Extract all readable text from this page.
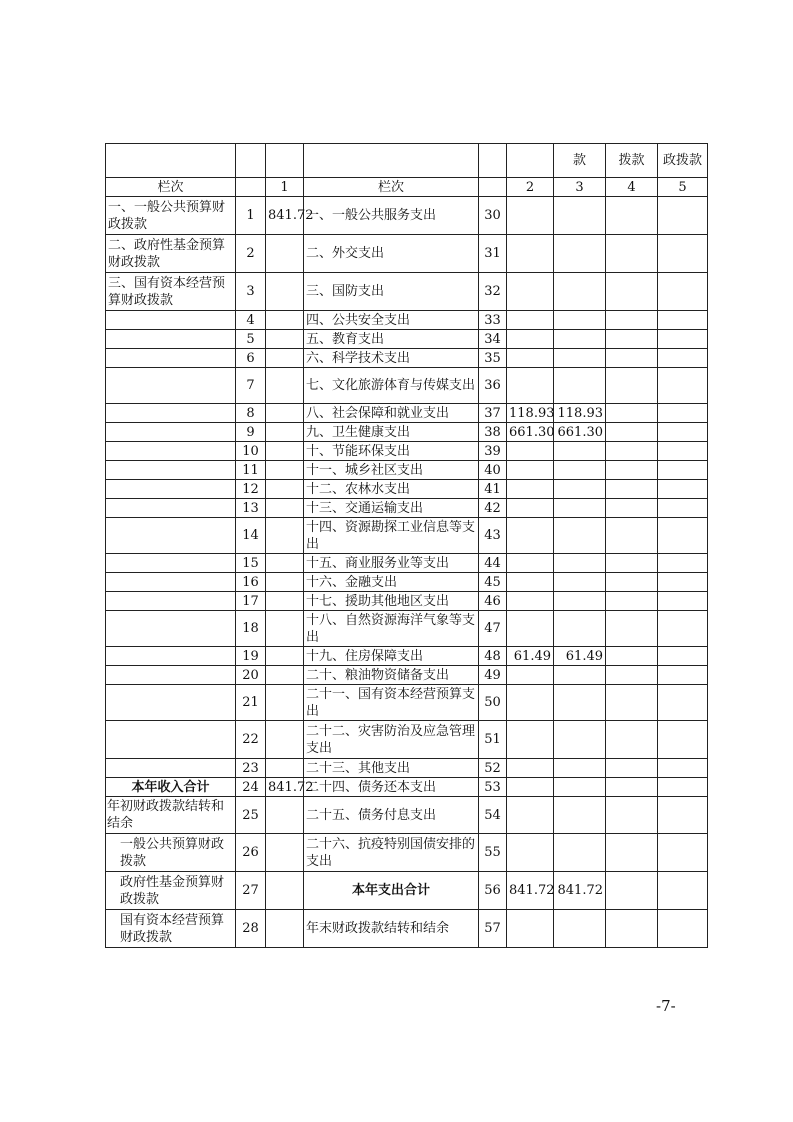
						款	拨款	政拨款
栏次		1	栏次		2	3	4	5
一、一般公共预算财政拨款	1	841.72	一、一般公共服务支出	30				
二、政府性基金预算财政拨款	2		二、外交支出	31				
三、国有资本经营预算财政拨款	3		三、国防支出	32				
	4		四、公共安全支出	33				
	5		五、教育支出	34				
	6		六、科学技术支出	35				
	7		七、文化旅游体育与传媒支出	36				
	8		八、社会保障和就业支出	37	118.93	118.93		
	9		九、卫生健康支出	38	661.30	661.30		
	10		十、节能环保支出	39				
	11		十一、城乡社区支出	40				
	12		十二、农林水支出	41				
	13		十三、交通运输支出	42				
	14		十四、资源勘探工业信息等支出	43				
	15		十五、商业服务业等支出	44				
	16		十六、金融支出	45				
	17		十七、援助其他地区支出	46				
	18		十八、自然资源海洋气象等支出	47				
	19		十九、住房保障支出	48	61.49	61.49		
	20		二十、粮油物资储备支出	49				
	21		二十一、国有资本经营预算支出	50				
	22		二十二、灾害防治及应急管理支出	51				
	23		二十三、其他支出	52				
本年收入合计	24	841.72	二十四、债务还本支出	53				
年初财政拨款结转和结余	25		二十五、债务付息支出	54				
一般公共预算财政拨款	26		二十六、抗疫特别国债安排的支出	55				
政府性基金预算财政拨款	27		本年支出合计	56	841.72	841.72		
国有资本经营预算财政拨款	28		年末财政拨款结转和结余	57				
-7-
